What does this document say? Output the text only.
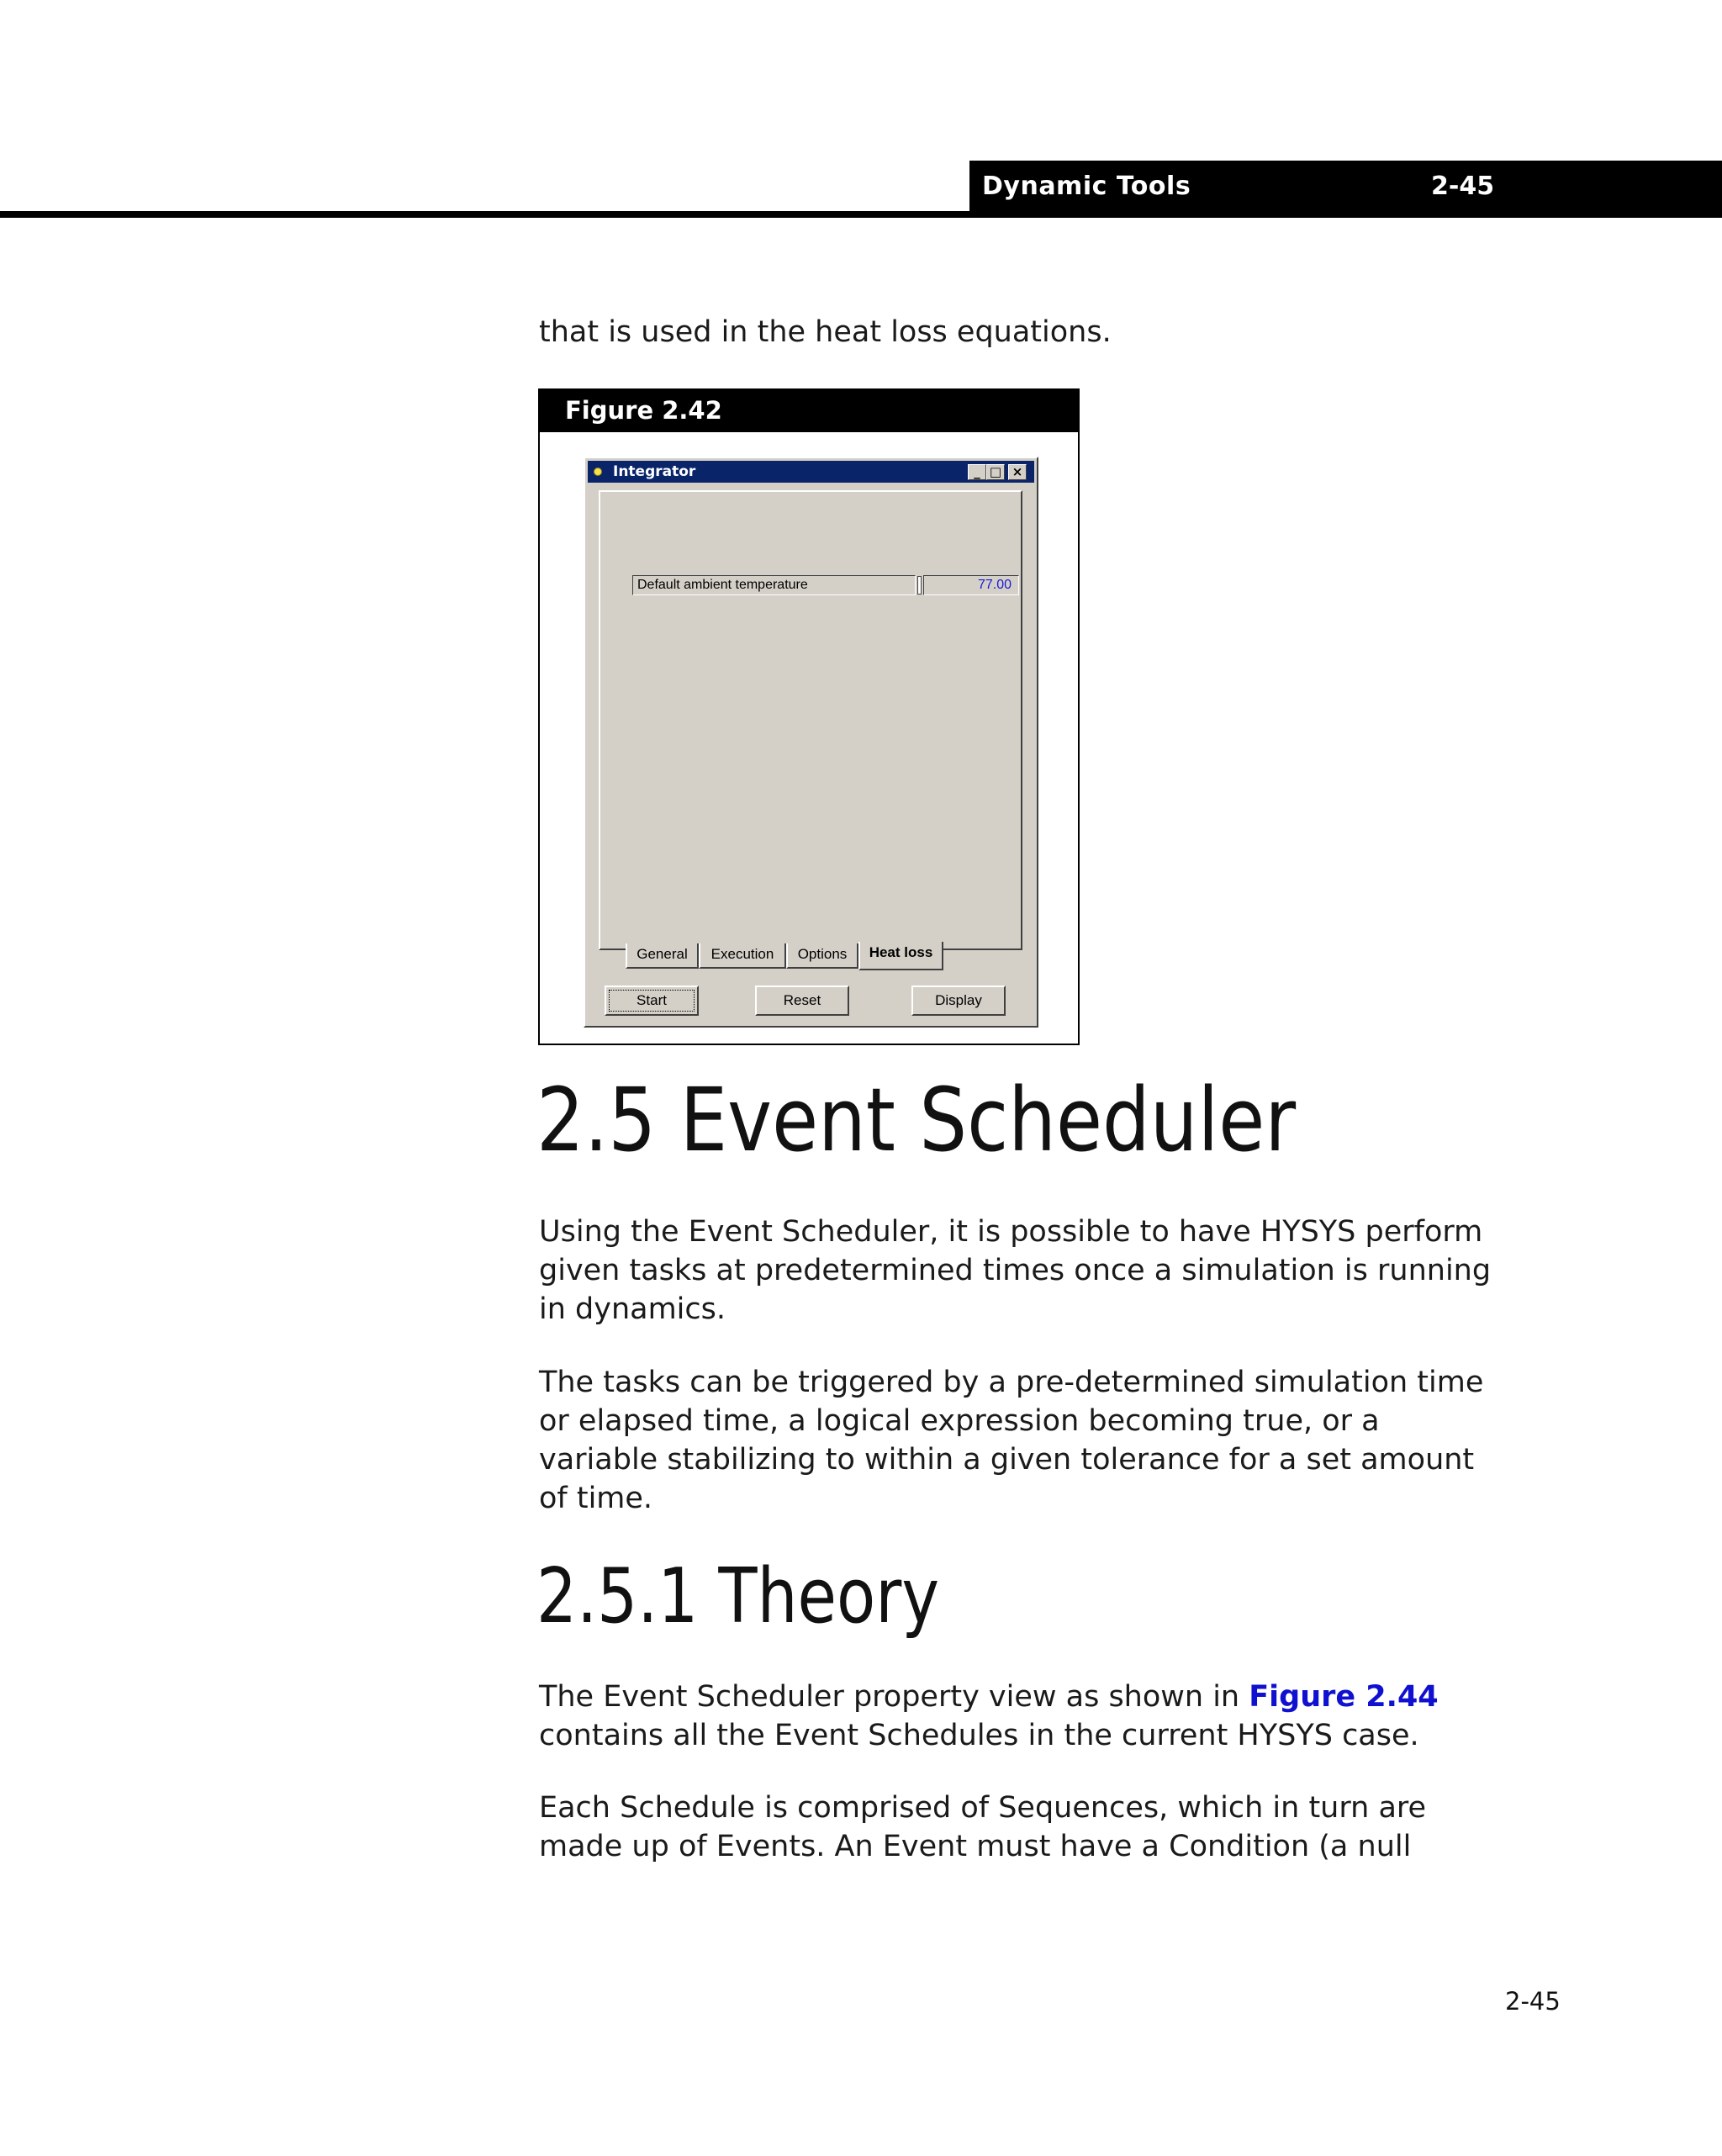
Dynamic Tools	2-45

that is used in the heat loss equations.

Figure 2.42
Integrator	_ □ ×
Default ambient temperature	77.00
General	Execution	Options	Heat loss
Start	Reset	Display
2.5 Event Scheduler

Using the Event Scheduler, it is possible to have HYSYS perform
given tasks at predetermined times once a simulation is running
in dynamics.

The tasks can be triggered by a pre-determined simulation time
or elapsed time, a logical expression becoming true, or a
variable stabilizing to within a given tolerance for a set amount
of time.

2.5.1 Theory

The Event Scheduler property view as shown in Figure 2.44
contains all the Event Schedules in the current HYSYS case.

Each Schedule is comprised of Sequences, which in turn are
made up of Events. An Event must have a Condition (a null

2-45
